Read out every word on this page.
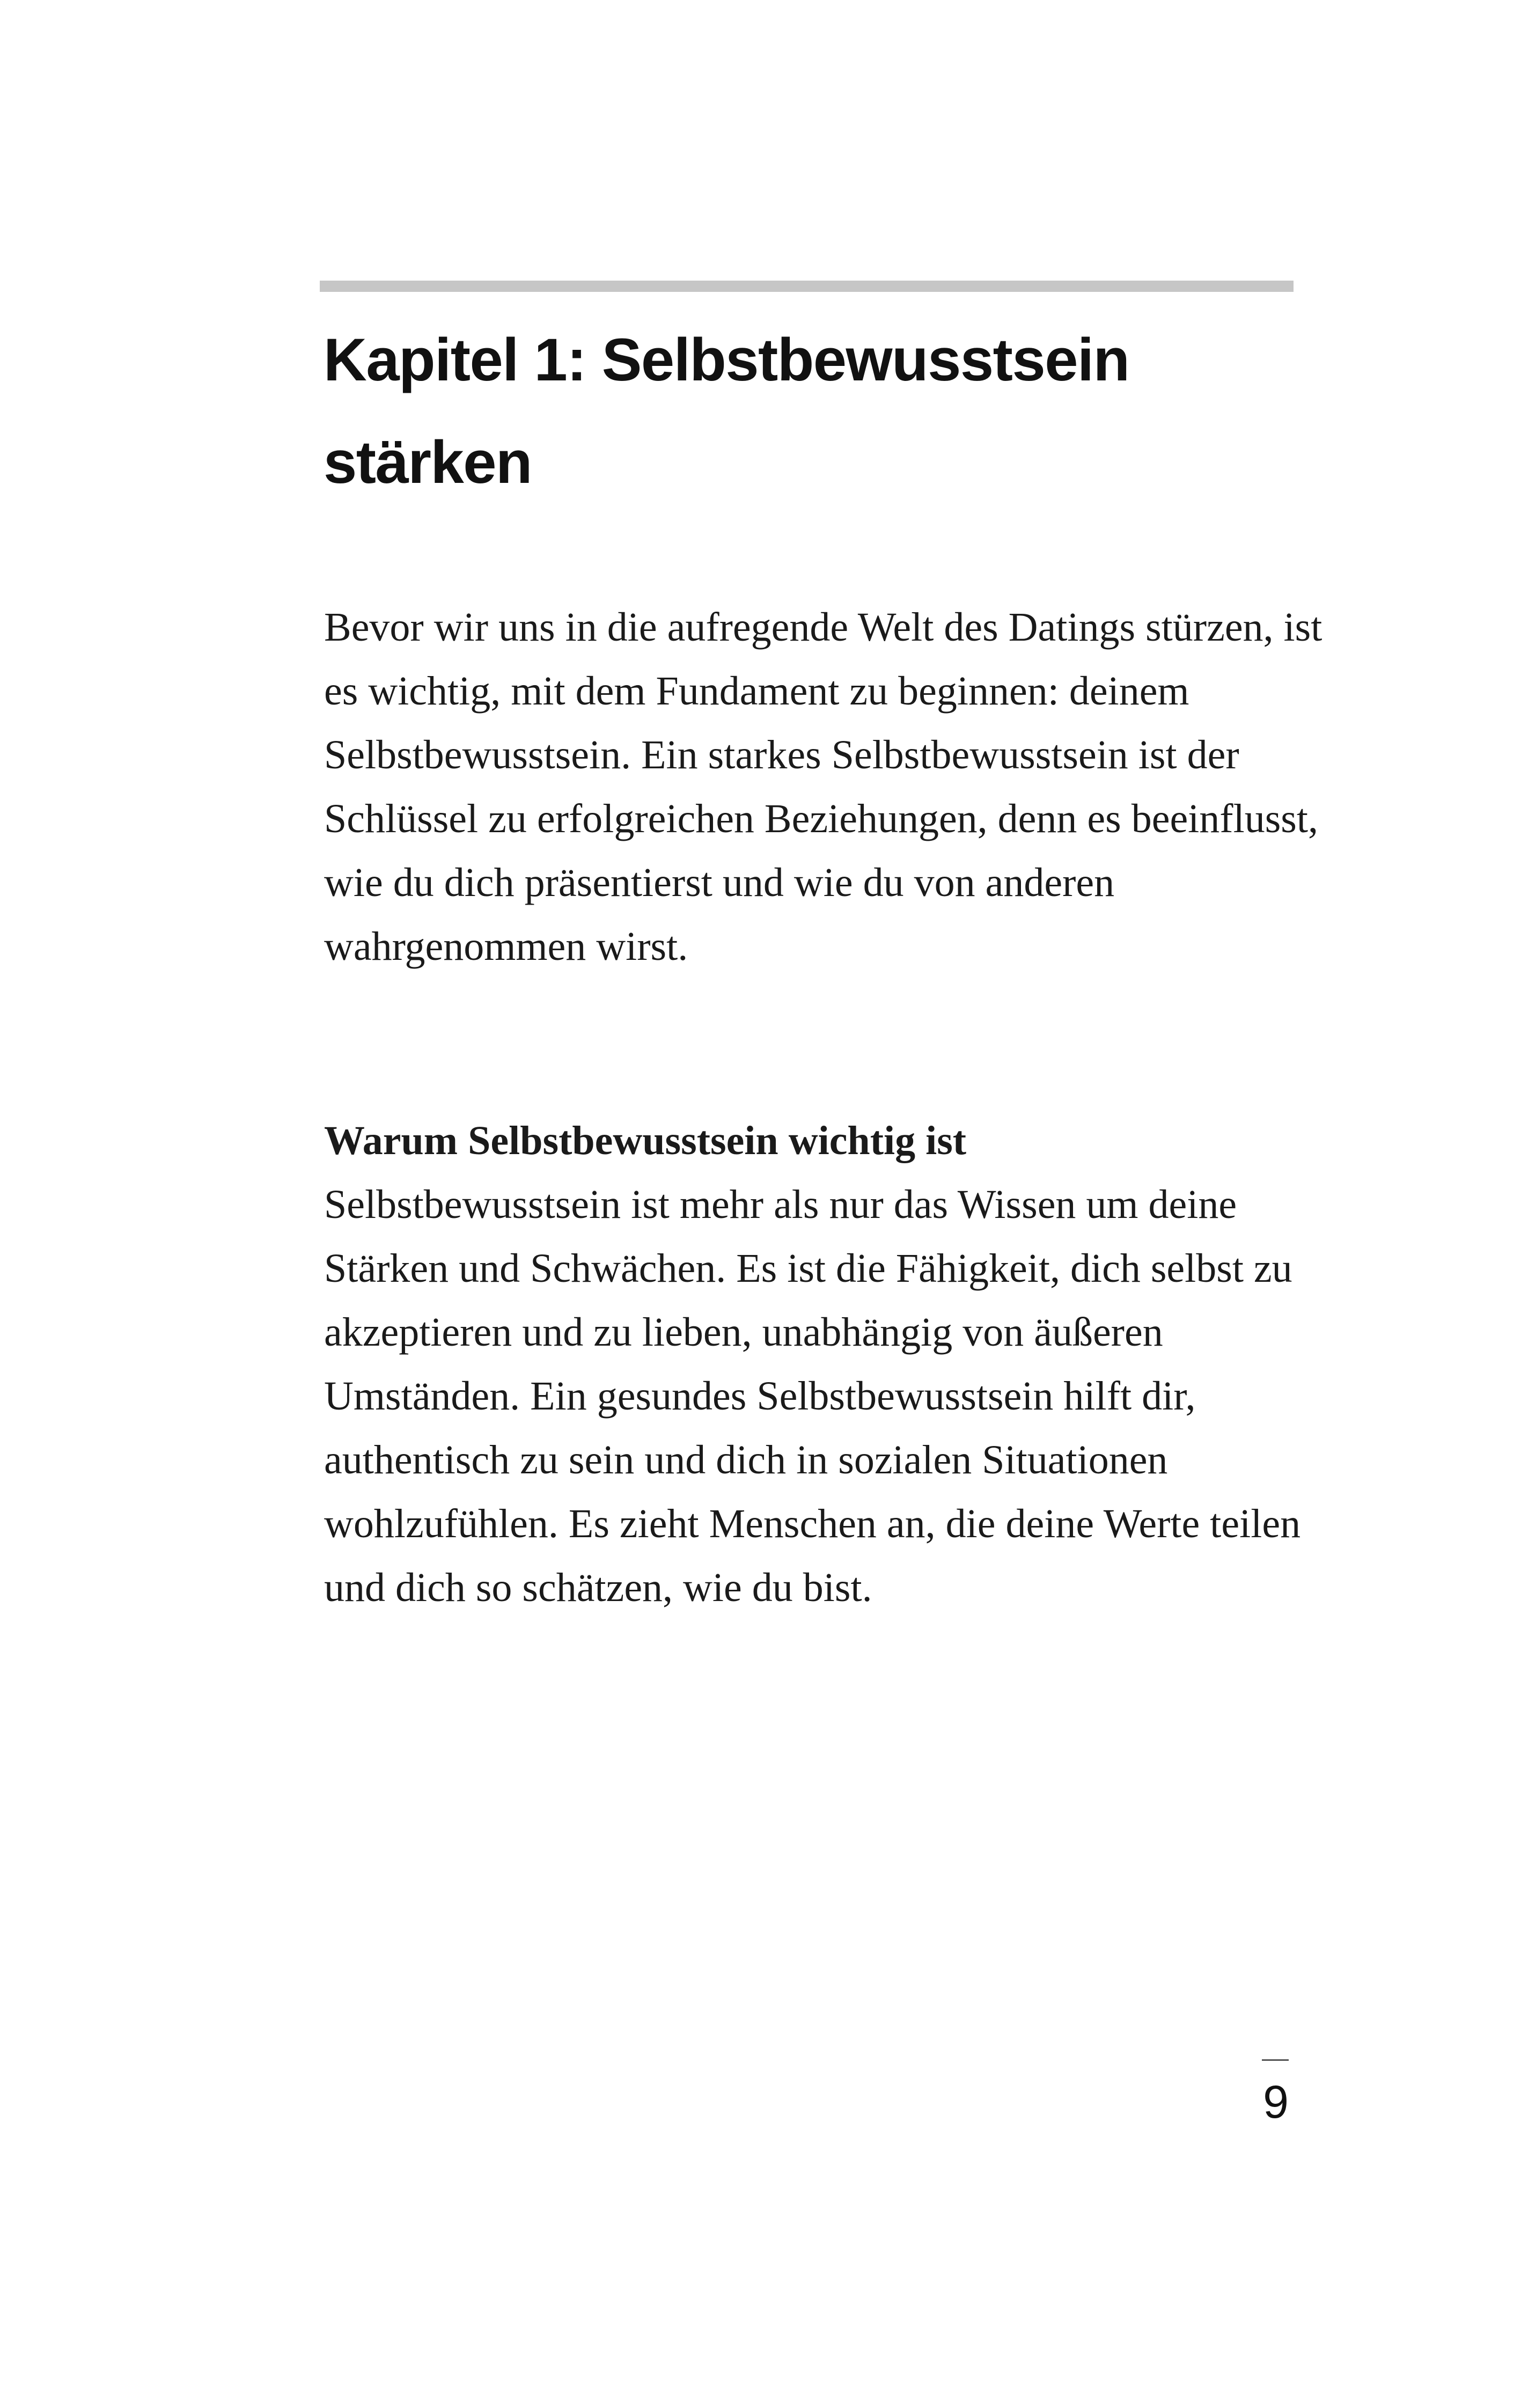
Kapitel 1: Selbstbewusstsein
stärken
Bevor wir uns in die aufregende Welt des Datings stürzen, ist
es wichtig, mit dem Fundament zu beginnen: deinem
Selbstbewusstsein. Ein starkes Selbstbewusstsein ist der
Schlüssel zu erfolgreichen Beziehungen, denn es beeinflusst,
wie du dich präsentierst und wie du von anderen
wahrgenommen wirst.
Warum Selbstbewusstsein wichtig ist
Selbstbewusstsein ist mehr als nur das Wissen um deine
Stärken und Schwächen. Es ist die Fähigkeit, dich selbst zu
akzeptieren und zu lieben, unabhängig von äußeren
Umständen. Ein gesundes Selbstbewusstsein hilft dir,
authentisch zu sein und dich in sozialen Situationen
wohlzufühlen. Es zieht Menschen an, die deine Werte teilen
und dich so schätzen, wie du bist.
9
